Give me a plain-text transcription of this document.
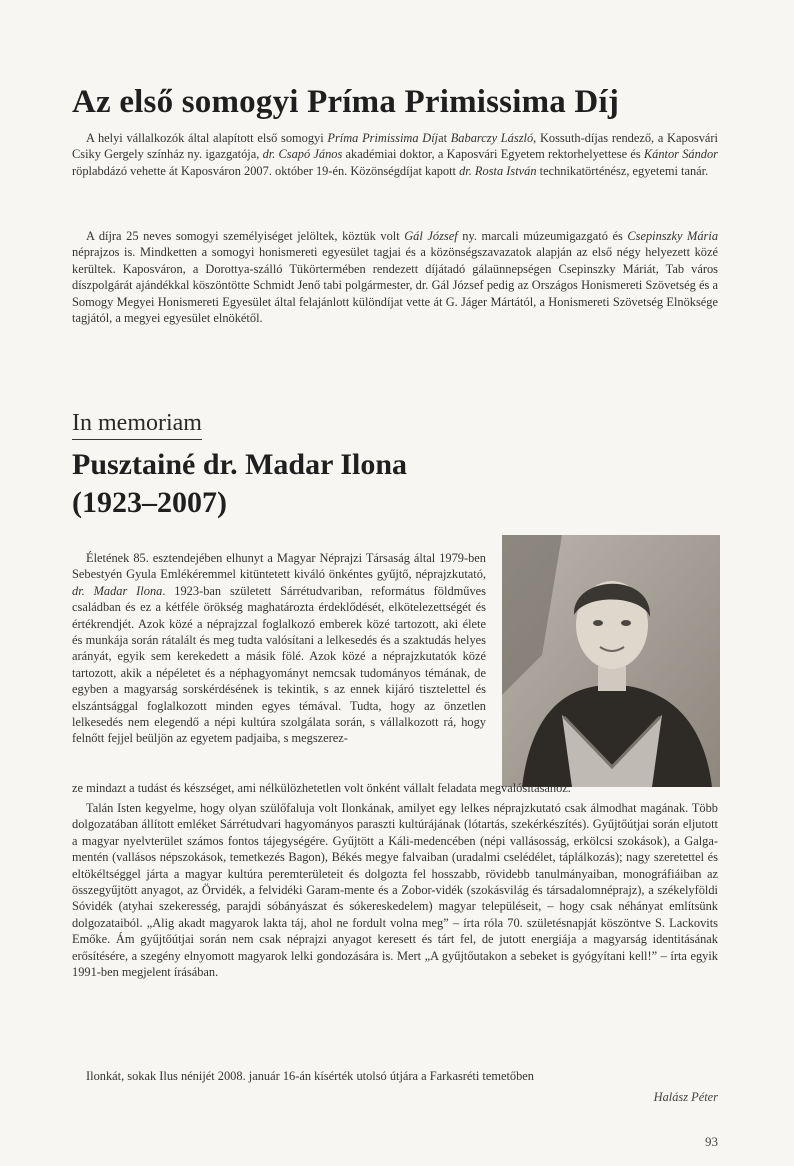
Az első somogyi Príma Primissima Díj
A helyi vállalkozók által alapított első somogyi Príma Primissima Díjat Babarczy László, Kossuth-díjas rendező, a Kaposvári Csiky Gergely színház ny. igazgatója, dr. Csapó János akadémiai doktor, a Kaposvári Egyetem rektorhelyettese és Kántor Sándor röplabdázó vehette át Kaposváron 2007. október 19-én. Közönségdíjat kapott dr. Rosta István technikatörténész, egyetemi tanár.
A díjra 25 neves somogyi személyiséget jelöltek, köztük volt Gál József ny. marcali múzeumigazgató és Csepinszky Mária néprajzos is. Mindketten a somogyi honismereti egyesület tagjai és a közönségszavazatok alapján az első négy helyezett közé kerültek. Kaposváron, a Dorottya-szálló Tükörtermében rendezett díjátadó gálaünnepségen Csepinszky Máriát, Tab város díszpolgárát ajándékkal köszöntötte Schmidt Jenő tabi polgármester, dr. Gál József pedig az Országos Honismereti Szövetség és a Somogy Megyei Honismereti Egyesület által felajánlott különdíjat vette át G. Jáger Mártától, a Honismereti Szövetség Elnöksége tagjától, a megyei egyesület elnökétől.
In memoriam
Pusztainé dr. Madar Ilona
(1923–2007)
Életének 85. esztendejében elhunyt a Magyar Néprajzi Társaság által 1979-ben Sebestyén Gyula Emlékéremmel kitüntetett kiváló önkéntes gyűjtő, néprajzkutató, dr. Madar Ilona. 1923-ban született Sárrétudvariban, református földműves családban és ez a kétféle örökség maghatározta érdeklődését, elkötelezettségét és értékrendjét. Azok közé a néprajzzal foglalkozó emberek közé tartozott, aki élete és munkája során rátalált és meg tudta valósítani a lelkesedés és a szaktudás helyes arányát, egyik sem kerekedett a másik fölé. Azok közé a néprajzkutatók közé tartozott, akik a népéletet és a néphagyományt nemcsak tudományos témának, de egyben a magyarság sorskérdésének is tekintik, s az ennek kijáró tisztelettel és elszántsággal foglalkozott minden egyes témával. Tudta, hogy az önzetlen lelkesedés nem elegendő a népi kultúra szolgálata során, s vállalkozott rá, hogy felnőtt fejjel beüljön az egyetem padjaiba, s megszerez-
ze mindazt a tudást és készséget, ami nélkülözhetetlen volt önként vállalt feladata megvalósításához.
Talán Isten kegyelme, hogy olyan szülőfaluja volt Ilonkának, amilyet egy lelkes néprajzkutató csak álmodhat magának. Több dolgozatában állított emléket Sárrétudvari hagyományos paraszti kultúrájának (lótartás, szekérkészítés). Gyűjtőútjai során eljutott a magyar nyelvterület számos fontos tájegységére. Gyűjtött a Káli-medencében (népi vallásosság, erkölcsi szokások), a Galga-mentén (vallásos népszokások, temetkezés Bagon), Békés megye falvaiban (uradalmi cselédélet, táplálkozás); nagy szeretettel és eltökéltséggel járta a magyar kultúra peremterületeit és dolgozta fel hosszabb, rövidebb tanulmányaiban, monográfiáiban az összegyűjtött anyagot, az Örvidék, a felvidéki Garam-mente és a Zobor-vidék (szokásvilág és társadalomnéprajz), a székelyföldi Sóvidék (atyhai szekeresség, parajdi sóbányászat és sókereskedelem) magyar településeit, – hogy csak néhányat említsünk dolgozataiból. „Alig akadt magyarok lakta táj, ahol ne fordult volna meg” – írta róla 70. születésnapját köszöntve S. Lackovits Emőke. Ám gyűjtőútjai során nem csak néprajzi anyagot keresett és tárt fel, de jutott energiája a magyarság identitásának erősítésére, a szegény elnyomott magyarok lelki gondozására is. Mert „A gyűjtőutakon a sebeket is gyógyítani kell!” – írta egyik 1991-ben megjelent írásában.
Ilonkát, sokak Ilus nénijét 2008. január 16-án kísérték utolsó útjára a Farkasréti temetőben
Halász Péter
93
